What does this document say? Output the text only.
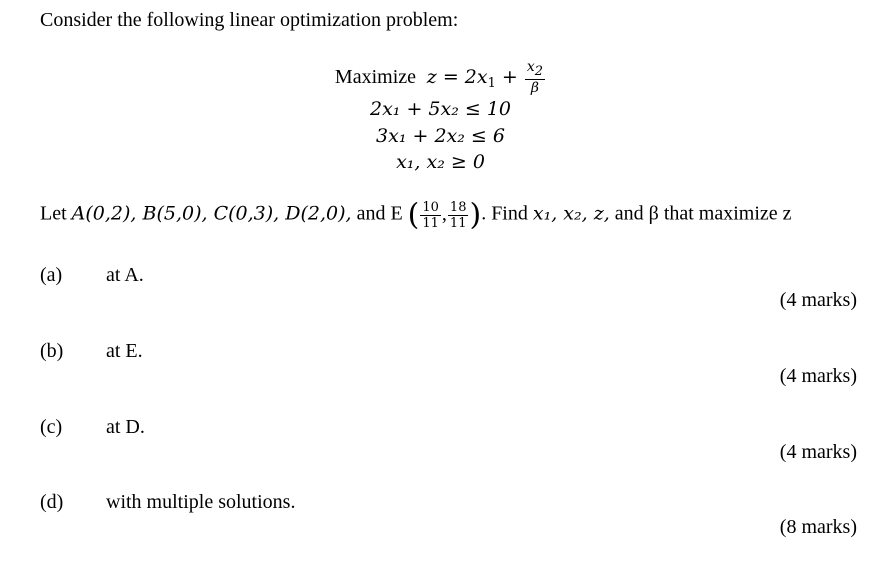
Consider the following linear optimization problem:
Maximize $z = 2x_1 + \frac{x_2}{\beta}$
2x₁ + 5x₂ ≤ 10
3x₁ + 2x₂ ≤ 6
x₁, x₂ ≥ 0
Let A(0,2), B(5,0), C(0,3), D(2,0), and E ( $\frac{10}{11}$ , $\frac{18}{11}$ ). Find x₁, x₂, z, and β that maximize z
(a) at A.
(4 marks)
(b) at E.
(4 marks)
(c) at D.
(4 marks)
(d) with multiple solutions.
(8 marks)
